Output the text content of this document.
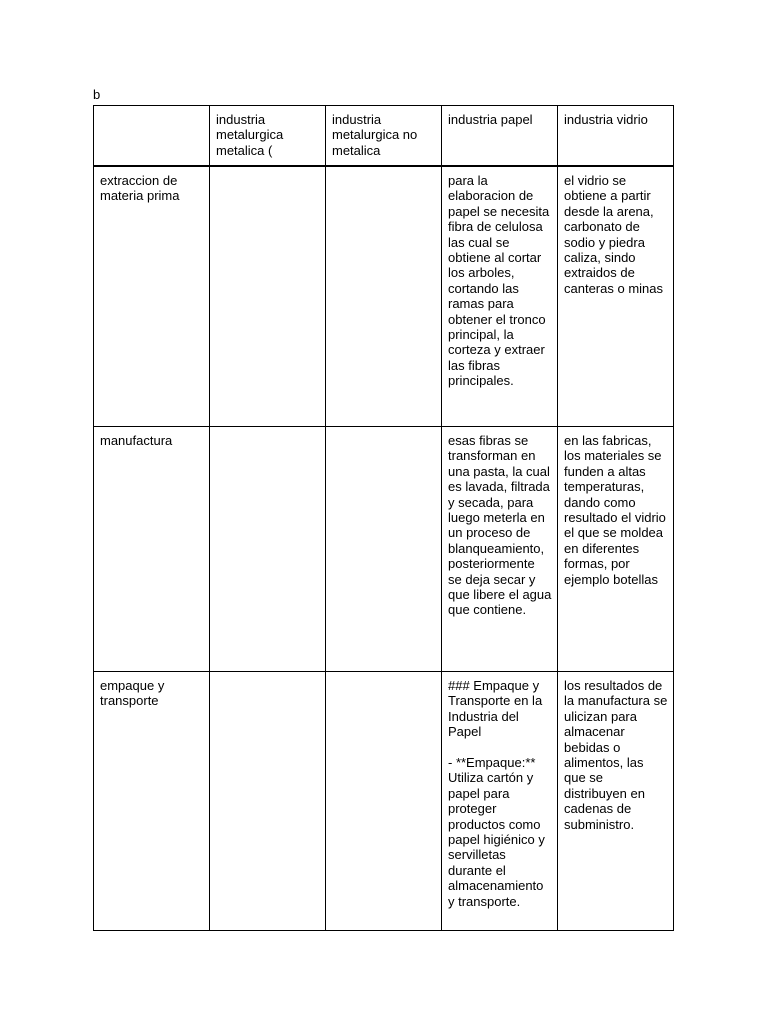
b
	industria metalurgica metalica (	industria metalurgica no metalica	industria papel	industria vidrio
extraccion de materia prima			para la elaboracion de papel se necesita fibra de celulosa las cual se obtiene al cortar los arboles, cortando las ramas para obtener el tronco principal, la corteza y extraer las fibras principales.	el vidrio se obtiene a partir desde la arena, carbonato de sodio y piedra caliza, sindo extraidos de canteras o minas
manufactura			esas fibras se transforman en una pasta, la cual es lavada, filtrada y secada, para luego meterla en un proceso de blanqueamiento, posteriormente se deja secar y que libere el agua que contiene.	en las fabricas, los materiales se funden a altas temperaturas, dando como resultado el vidrio el que se moldea en diferentes formas, por ejemplo botellas
empaque y transporte			### Empaque y Transporte en la Industria del Papel

- **Empaque:** Utiliza cartón y papel para proteger productos como papel higiénico y servilletas durante el almacenamiento y transporte.	los resultados de la manufactura se ulicizan para almacenar bebidas o alimentos, las que se distribuyen en cadenas de subministro.
